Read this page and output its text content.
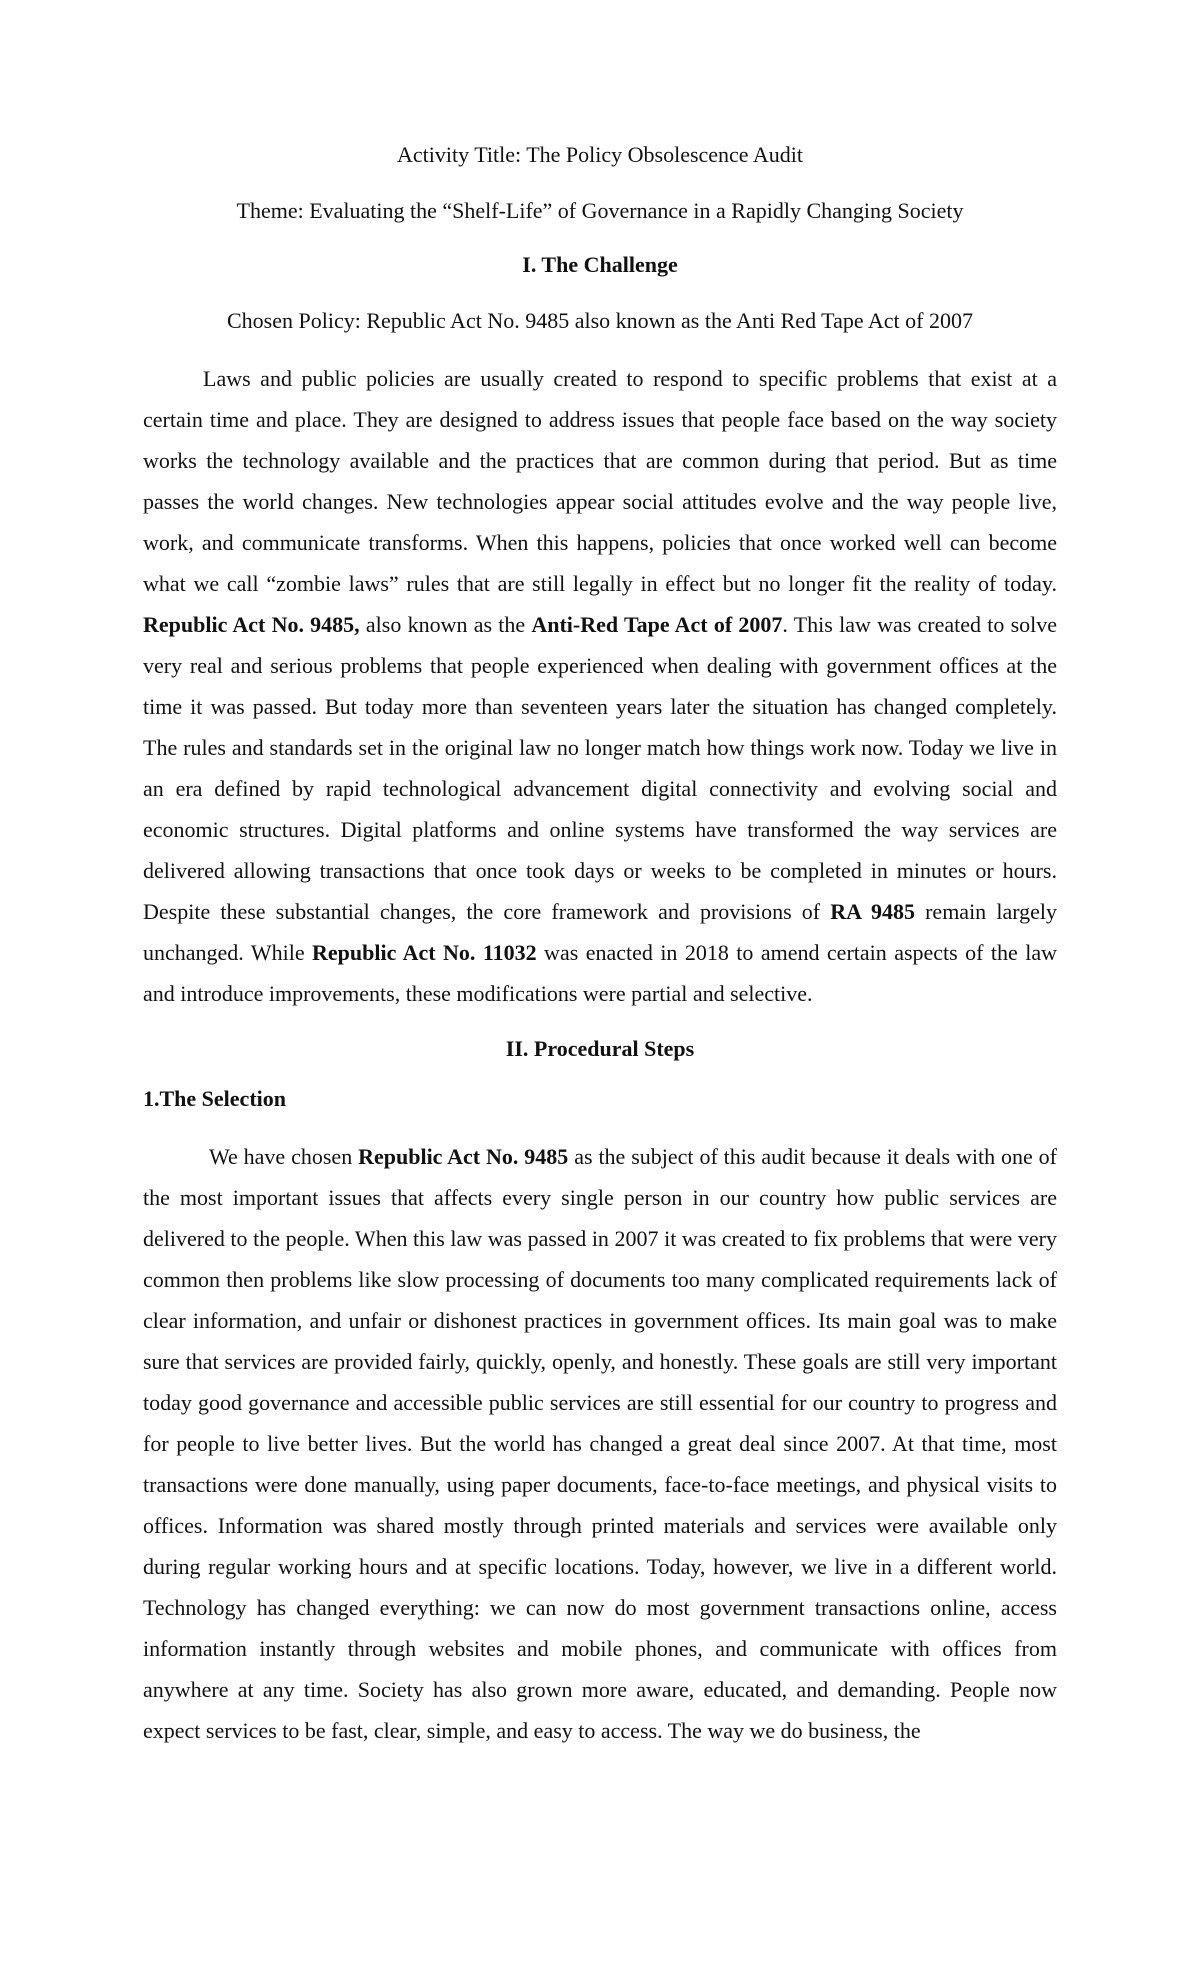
Activity Title: The Policy Obsolescence Audit

Theme: Evaluating the “Shelf-Life” of Governance in a Rapidly Changing Society

I. The Challenge

Chosen Policy: Republic Act No. 9485 also known as the Anti Red Tape Act of 2007

Laws and public policies are usually created to respond to specific problems that exist at a certain time and place. They are designed to address issues that people face based on the way society works the technology available and the practices that are common during that period. But as time passes the world changes. New technologies appear social attitudes evolve and the way people live, work, and communicate transforms. When this happens, policies that once worked well can become what we call “zombie laws” rules that are still legally in effect but no longer fit the reality of today. Republic Act No. 9485, also known as the Anti-Red Tape Act of 2007. This law was created to solve very real and serious problems that people experienced when dealing with government offices at the time it was passed. But today more than seventeen years later the situation has changed completely. The rules and standards set in the original law no longer match how things work now. Today we live in an era defined by rapid technological advancement digital connectivity and evolving social and economic structures. Digital platforms and online systems have transformed the way services are delivered allowing transactions that once took days or weeks to be completed in minutes or hours. Despite these substantial changes, the core framework and provisions of RA 9485 remain largely unchanged. While Republic Act No. 11032 was enacted in 2018 to amend certain aspects of the law and introduce improvements, these modifications were partial and selective.

II. Procedural Steps

1.The Selection

We have chosen Republic Act No. 9485 as the subject of this audit because it deals with one of the most important issues that affects every single person in our country how public services are delivered to the people. When this law was passed in 2007 it was created to fix problems that were very common then problems like slow processing of documents too many complicated requirements lack of clear information, and unfair or dishonest practices in government offices. Its main goal was to make sure that services are provided fairly, quickly, openly, and honestly. These goals are still very important today good governance and accessible public services are still essential for our country to progress and for people to live better lives. But the world has changed a great deal since 2007. At that time, most transactions were done manually, using paper documents, face-to-face meetings, and physical visits to offices. Information was shared mostly through printed materials and services were available only during regular working hours and at specific locations. Today, however, we live in a different world. Technology has changed everything: we can now do most government transactions online, access information instantly through websites and mobile phones, and communicate with offices from anywhere at any time. Society has also grown more aware, educated, and demanding. People now expect services to be fast, clear, simple, and easy to access. The way we do business, the
